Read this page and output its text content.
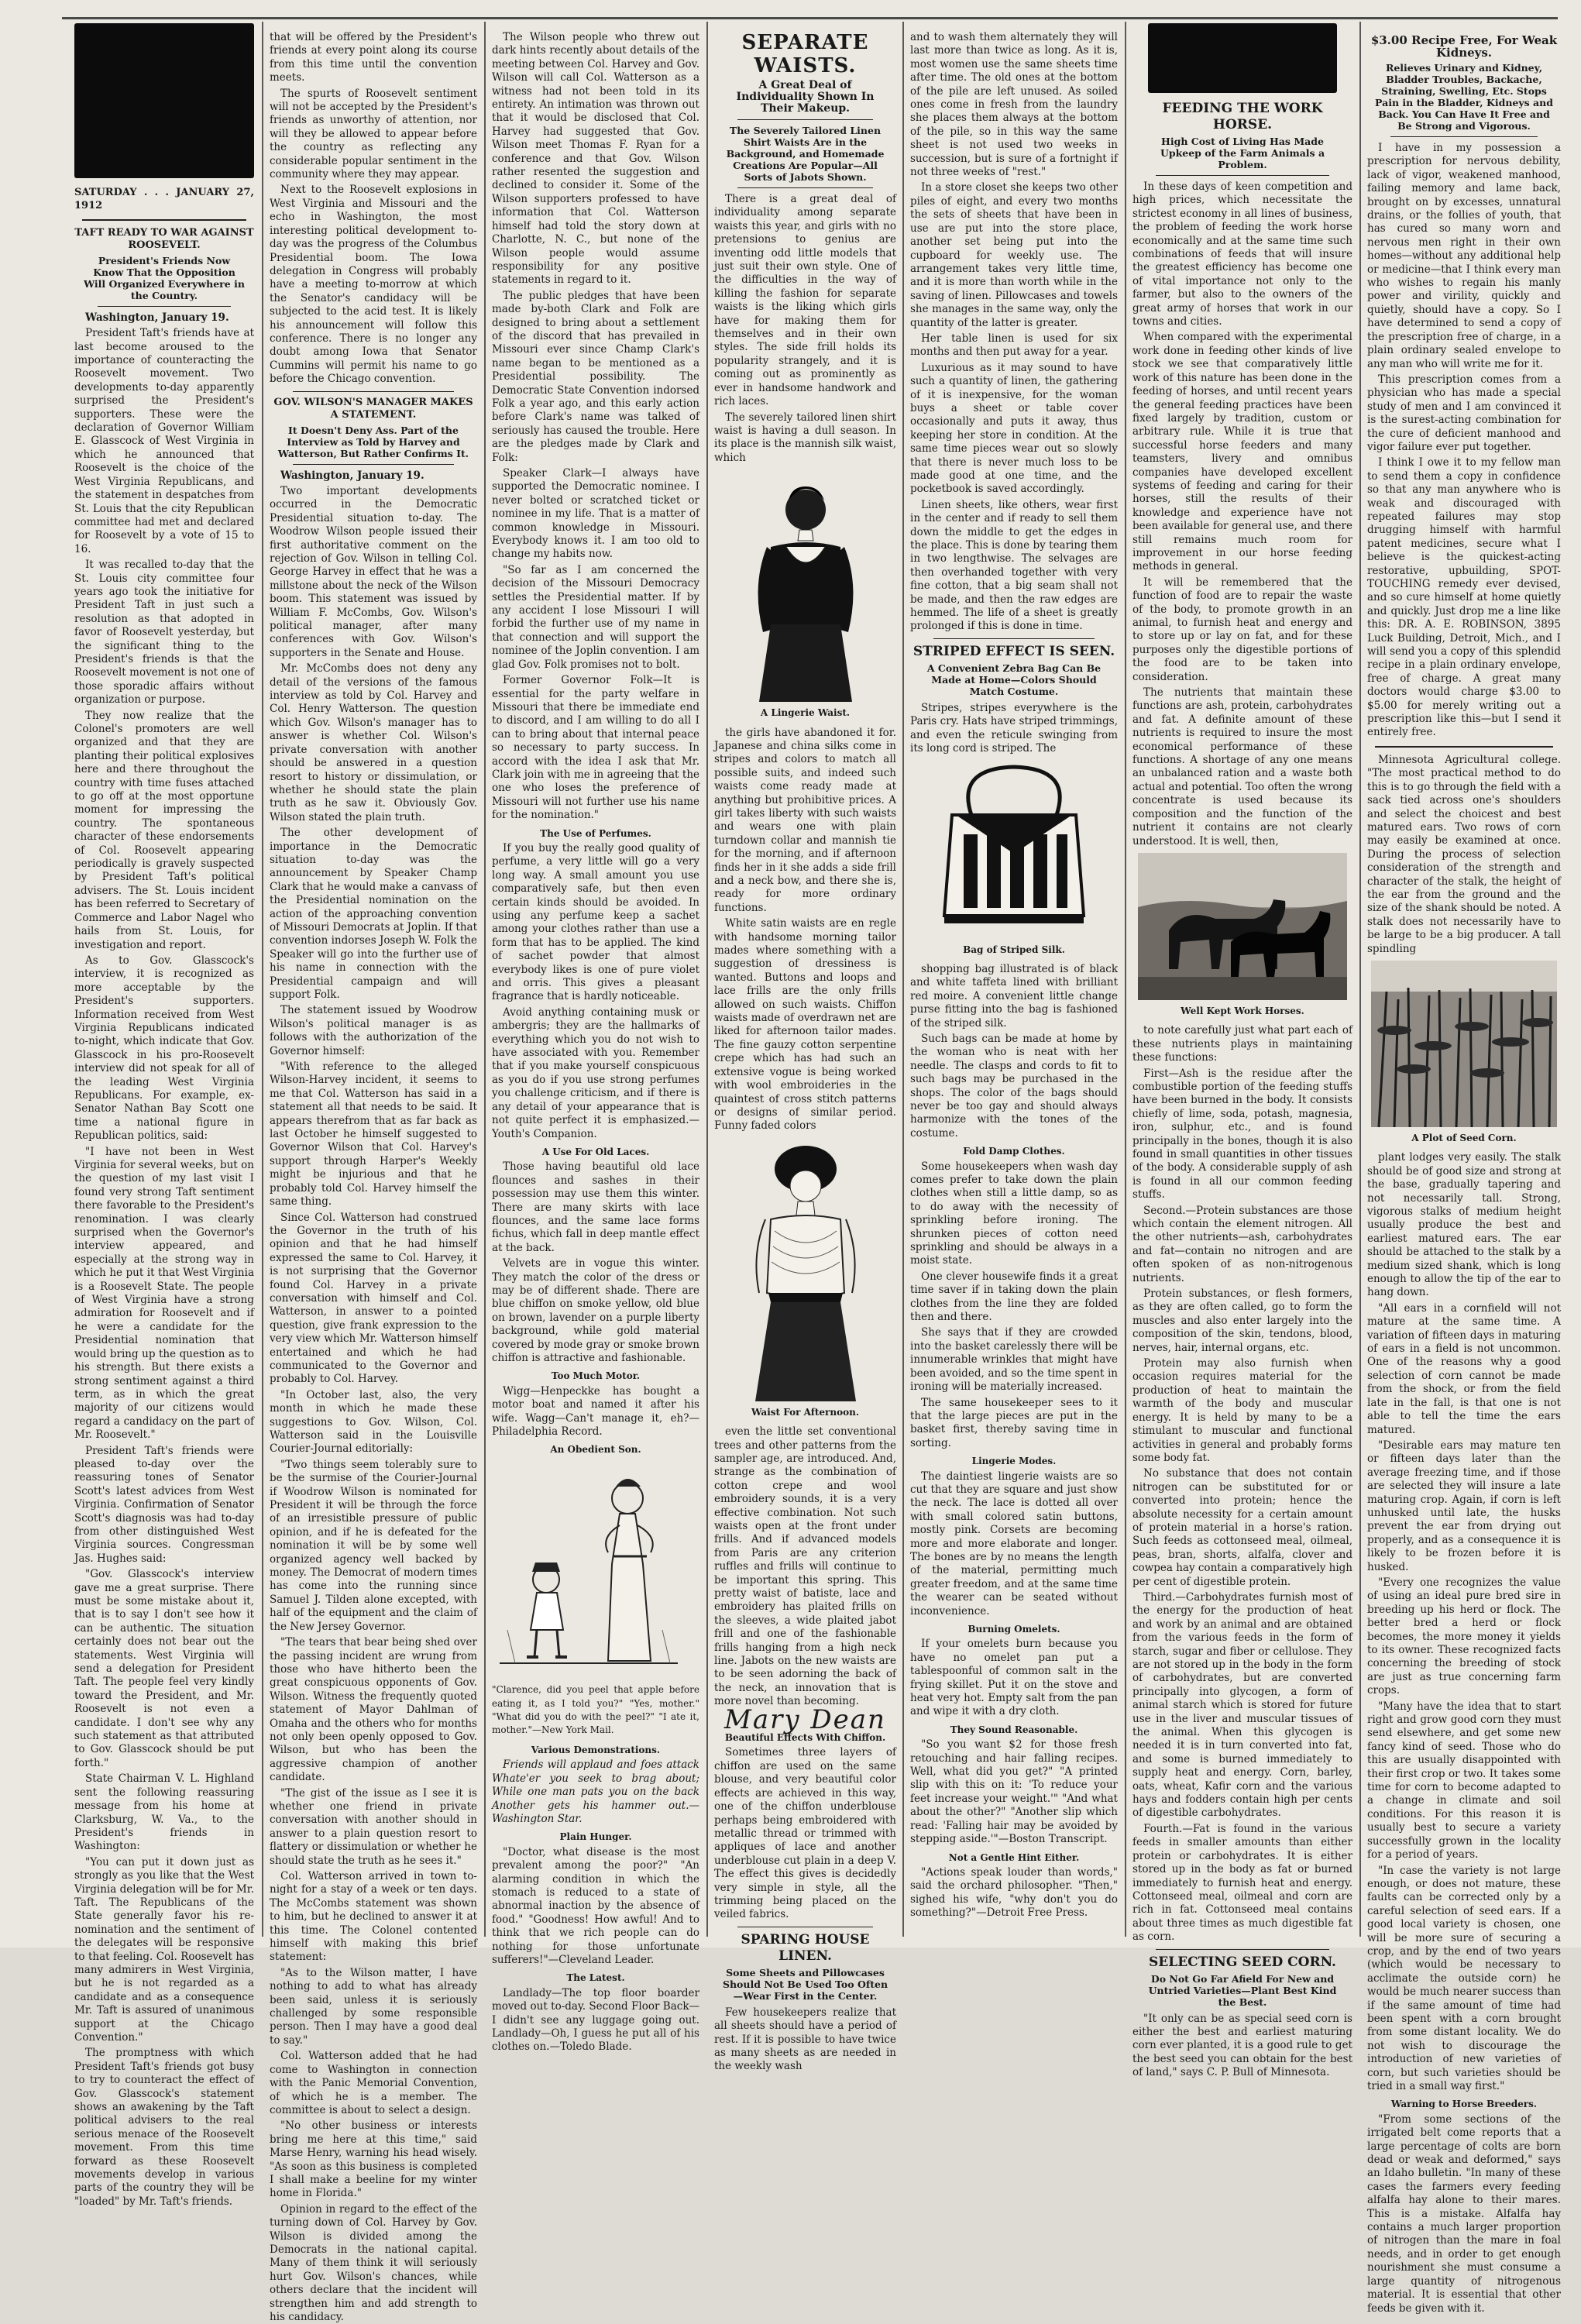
SATURDAY . . . JANUARY 27, 1912
TAFT READY TO WAR AGAINST ROOSEVELT.
President's Friends Now Know That the Opposition Will Organized Everywhere in the Country.

Washington, January 19.

President Taft's friends have at last become aroused to the importance of counteracting the Roosevelt movement. Two developments to-day apparently surprised the President's supporters. These were the declaration of Governor William E. Glasscock of West Virginia in which he announced that Roosevelt is the choice of the West Virginia Republicans, and the statement in despatches from St. Louis that the city Republican committee had met and declared for Roosevelt by a vote of 15 to 16.

It was recalled to-day that the St. Louis city committee four years ago took the initiative for President Taft in just such a resolution as that adopted in favor of Roosevelt yesterday, but the significant thing to the President's friends is that the Roosevelt movement is not one of those sporadic affairs without organization or purpose.

They now realize that the Colonel's promoters are well organized and that they are planting their political explosives here and there throughout the country with time fuses attached to go off at the most opportune moment for impressing the country. The spontaneous character of these endorsements of Col. Roosevelt appearing periodically is gravely suspected by President Taft's political advisers. The St. Louis incident has been referred to Secretary of Commerce and Labor Nagel who hails from St. Louis, for investigation and report.

As to Gov. Glasscock's interview, it is recognized as more acceptable by the President's supporters. Information received from West Virginia Republicans indicated to-night, which indicate that Gov. Glasscock in his pro-Roosevelt interview did not speak for all of the leading West Virginia Republicans. For example, ex-Senator Nathan Bay Scott one time a national figure in Republican politics, said:

"I have not been in West Virginia for several weeks, but on the question of my last visit I found very strong Taft sentiment there favorable to the President's renomination. I was clearly surprised when the Governor's interview appeared, and especially at the strong way in which he put it that West Virginia is a Roosevelt State. The people of West Virginia have a strong admiration for Roosevelt and if he were a candidate for the Presidential nomination that would bring up the question as to his strength. But there exists a strong sentiment against a third term, as in which the great majority of our citizens would regard a candidacy on the part of Mr. Roosevelt."

President Taft's friends were pleased to-day over the reassuring tones of Senator Scott's latest advices from West Virginia. Confirmation of Senator Scott's diagnosis was had to-day from other distinguished West Virginia sources. Congressman Jas. Hughes said:

"Gov. Glasscock's interview gave me a great surprise. There must be some mistake about it, that is to say I don't see how it can be authentic. The situation certainly does not bear out the statements. West Virginia will send a delegation for President Taft. The people feel very kindly toward the President, and Mr. Roosevelt is not even a candidate. I don't see why any such statement as that attributed to Gov. Glasscock should be put forth."

State Chairman V. L. Highland sent the following reassuring message from his home at Clarksburg, W. Va., to the President's friends in Washington:

"You can put it down just as strongly as you like that the West Virginia delegation will be for Mr. Taft. The Republicans of the State generally favor his re-nomination and the sentiment of the delegates will be responsive to that feeling. Col. Roosevelt has many admirers in West Virginia, but he is not regarded as a candidate and as a consequence Mr. Taft is assured of unanimous support at the Chicago Convention."

The promptness with which President Taft's friends got busy to try to counteract the effect of Gov. Glasscock's statement shows an awakening by the Taft political advisers to the real serious menace of the Roosevelt movement. From this time forward as these Roosevelt movements develop in various parts of the country they will be "loaded" by Mr. Taft's friends.

that will be offered by the President's friends at every point along its course from this time until the convention meets.

The spurts of Roosevelt sentiment will not be accepted by the President's friends as unworthy of attention, nor will they be allowed to appear before the country as reflecting any considerable popular sentiment in the community where they may appear.

Next to the Roosevelt explosions in West Virginia and Missouri and the echo in Washington, the most interesting political development to-day was the progress of the Columbus Presidential boom. The Iowa delegation in Congress will probably have a meeting to-morrow at which the Senator's candidacy will be subjected to the acid test. It is likely his announcement will follow this conference. There is no longer any doubt among Iowa that Senator Cummins will permit his name to go before the Chicago convention.

GOV. WILSON'S MANAGER MAKES A STATEMENT.
It Doesn't Deny Ass. Part of the Interview as Told by Harvey and Watterson, But Rather Confirms It.

Washington, January 19.

Two important developments occurred in the Democratic Presidential situation to-day. The Woodrow Wilson people issued their first authoritative comment on the rejection of Gov. Wilson in telling Col. George Harvey in effect that he was a millstone about the neck of the Wilson boom. This statement was issued by William F. McCombs, Gov. Wilson's political manager, after many conferences with Gov. Wilson's supporters in the Senate and House.

Mr. McCombs does not deny any detail of the versions of the famous interview as told by Col. Harvey and Col. Henry Watterson. The question which Gov. Wilson's manager has to answer is whether Col. Wilson's private conversation with another should be answered in a question resort to history or dissimulation, or whether he should state the plain truth as he saw it. Obviously Gov. Wilson stated the plain truth.

The other development of importance in the Democratic situation to-day was the announcement by Speaker Champ Clark that he would make a canvass of the Presidential nomination on the action of the approaching convention of Missouri Democrats at Joplin. If that convention indorses Joseph W. Folk the Speaker will go into the further use of his name in connection with the Presidential campaign and will support Folk.

The statement issued by Woodrow Wilson's political manager is as follows with the authorization of the Governor himself:

"With reference to the alleged Wilson-Harvey incident, it seems to me that Col. Watterson has said in a statement all that needs to be said. It appears therefrom that as far back as last October he himself suggested to Governor Wilson that Col. Harvey's support through Harper's Weekly might be injurious and that he probably told Col. Harvey himself the same thing.

Since Col. Watterson had construed the Governor in the truth of his opinion and that he had himself expressed the same to Col. Harvey, it is not surprising that the Governor found Col. Harvey in a private conversation with himself and Col. Watterson, in answer to a pointed question, give frank expression to the very view which Mr. Watterson himself entertained and which he had communicated to the Governor and probably to Col. Harvey.

"In October last, also, the very month in which he made these suggestions to Gov. Wilson, Col. Watterson said in the Louisville Courier-Journal editorially:

"Two things seem tolerably sure to be the surmise of the Courier-Journal if Woodrow Wilson is nominated for President it will be through the force of an irresistible pressure of public opinion, and if he is defeated for the nomination it will be by some well organized agency well backed by money. The Democrat of modern times has come into the running since Samuel J. Tilden alone excepted, with half of the equipment and the claim of the New Jersey Governor.

"The tears that bear being shed over the passing incident are wrung from those who have hitherto been the great conspicuous opponents of Gov. Wilson. Witness the frequently quoted statement of Mayor Dahlman of Omaha and the others who for months not only been openly opposed to Gov. Wilson, but who has been the aggressive champion of another candidate.

"The gist of the issue as I see it is whether one friend in private conversation with another should in answer to a plain question resort to flattery or dissimulation or whether he should state the truth as he sees it."

Col. Watterson arrived in town to-night for a stay of a week or ten days. The McCombs statement was shown to him, but he declined to answer it at this time. The Colonel contented himself with making this brief statement:

"As to the Wilson matter, I have nothing to add to what has already been said, unless it is seriously challenged by some responsible person. Then I may have a good deal to say."

Col. Watterson added that he had come to Washington in connection with the Panic Memorial Convention, of which he is a member. The committee is about to select a design.

"No other business or interests bring me here at this time," said Marse Henry, warning his head wisely. "As soon as this business is completed I shall make a beeline for my winter home in Florida."

Opinion in regard to the effect of the turning down of Col. Harvey by Gov. Wilson is divided among the Democrats in the national capital. Many of them think it will seriously hurt Gov. Wilson's chances, while others declare that the incident will strengthen him and add strength to his candidacy.

The Wilson people who threw out dark hints recently about details of the meeting between Col. Harvey and Gov. Wilson will call Col. Watterson as a witness had not been told in its entirety. An intimation was thrown out that it would be disclosed that Col. Harvey had suggested that Gov. Wilson meet Thomas F. Ryan for a conference and that Gov. Wilson rather resented the suggestion and declined to consider it. Some of the Wilson supporters professed to have information that Col. Watterson himself had told the story down at Charlotte, N. C., but none of the Wilson people would assume responsibility for any positive statements in regard to it.

The public pledges that have been made by-both Clark and Folk are designed to bring about a settlement of the discord that has prevailed in Missouri ever since Champ Clark's name began to be mentioned as a Presidential possibility. The Democratic State Convention indorsed Folk a year ago, and this early action before Clark's name was talked of seriously has caused the trouble. Here are the pledges made by Clark and Folk:

Speaker Clark—I always have supported the Democratic nominee. I never bolted or scratched ticket or nominee in my life. That is a matter of common knowledge in Missouri. Everybody knows it. I am too old to change my habits now.

"So far as I am concerned the decision of the Missouri Democracy settles the Presidential matter. If by any accident I lose Missouri I will forbid the further use of my name in that connection and will support the nominee of the Joplin convention. I am glad Gov. Folk promises not to bolt.

Former Governor Folk—It is essential for the party welfare in Missouri that there be immediate end to discord, and I am willing to do all I can to bring about that internal peace so necessary to party success. In accord with the idea I ask that Mr. Clark join with me in agreeing that the one who loses the preference of Missouri will not further use his name for the nomination."

The Use of Perfumes.

If you buy the really good quality of perfume, a very little will go a very long way. A small amount you use comparatively safe, but then even certain kinds should be avoided. In using any perfume keep a sachet among your clothes rather than use a form that has to be applied. The kind of sachet powder that almost everybody likes is one of pure violet and orris. This gives a pleasant fragrance that is hardly noticeable.

Avoid anything containing musk or ambergris; they are the hallmarks of everything which you do not wish to have associated with you. Remember that if you make yourself conspicuous as you do if you use strong perfumes you challenge criticism, and if there is any detail of your appearance that is not quite perfect it is emphasized.—Youth's Companion.

A Use For Old Laces.

Those having beautiful old lace flounces and sashes in their possession may use them this winter. There are many skirts with lace flounces, and the same lace forms fichus, which fall in deep mantle effect at the back.

Velvets are in vogue this winter. They match the color of the dress or may be of different shade. There are blue chiffon on smoke yellow, old blue on brown, lavender on a purple liberty background, while gold material covered by mode gray or smoke brown chiffon is attractive and fashionable.

Too Much Motor.

Wigg—Henpeckke has bought a motor boat and named it after his wife. Wagg—Can't manage it, eh?—Philadelphia Record.

An Obedient Son.
"Clarence, did you peel that apple before eating it, as I told you?" "Yes, mother." "What did you do with the peel?" "I ate it, mother."—New York Mail.
Various Demonstrations.

Friends will applaud and foes attack Whate'er you seek to brag about; While one man pats you on the back Another gets his hammer out.—Washington Star.

Plain Hunger.

"Doctor, what disease is the most prevalent among the poor?" "An alarming condition in which the stomach is reduced to a state of abnormal inaction by the absence of food." "Goodness! How awful! And to think that we rich people can do nothing for those unfortunate sufferers!"—Cleveland Leader.

The Latest.

Landlady—The top floor boarder moved out to-day. Second Floor Back—I didn't see any luggage going out. Landlady—Oh, I guess he put all of his clothes on.—Toledo Blade.

SEPARATE WAISTS.
A Great Deal of Individuality Shown In Their Makeup.
The Severely Tailored Linen Shirt Waists Are in the Background, and Homemade Creations Are Popular—All Sorts of Jabots Shown.

There is a great deal of individuality among separate waists this year, and girls with no pretensions to genius are inventing odd little models that just suit their own style. One of the difficulties in the way of killing the fashion for separate waists is the liking which girls have for making them for themselves and in their own styles. The side frill holds its popularity strangely, and it is coming out as prominently as ever in handsome handwork and rich laces.

The severely tailored linen shirt waist is having a dull season. In its place is the mannish silk waist, which

A Lingerie Waist.

the girls have abandoned it for. Japanese and china silks come in stripes and colors to match all possible suits, and indeed such waists come ready made at anything but prohibitive prices. A girl takes liberty with such waists and wears one with plain turndown collar and mannish tie for the morning, and if afternoon finds her in it she adds a side frill and a neck bow, and there she is, ready for more ordinary functions.

White satin waists are en regle with handsome morning tailor mades where something with a suggestion of dressiness is wanted. Buttons and loops and lace frills are the only frills allowed on such waists. Chiffon waists made of overdrawn net are liked for afternoon tailor mades. The fine gauzy cotton serpentine crepe which has had such an extensive vogue is being worked with wool embroideries in the quaintest of cross stitch patterns or designs of similar period. Funny faded colors

Waist For Afternoon.

even the little set conventional trees and other patterns from the sampler age, are introduced. And, strange as the combination of cotton crepe and wool embroidery sounds, it is a very effective combination. Not such waists open at the front under frills. And if advanced models from Paris are any criterion ruffles and frills will continue to be important this spring. This pretty waist of batiste, lace and embroidery has plaited frills on the sleeves, a wide plaited jabot frill and one of the fashionable frills hanging from a high neck line. Jabots on the new waists are to be seen adorning the back of the neck, an innovation that is more novel than becoming.

Mary Dean
Beautiful Effects With Chiffon.

Sometimes three layers of chiffon are used on the same blouse, and very beautiful color effects are achieved in this way, one of the chiffon underblouse perhaps being embroidered with metallic thread or trimmed with appliques of lace and another underblouse cut plain in a deep V. The effect this gives is decidedly very simple in style, all the trimming being placed on the veiled fabrics.

SPARING HOUSE LINEN.
Some Sheets and Pillowcases Should Not Be Used Too Often—Wear First in the Center.

Few housekeepers realize that all sheets should have a period of rest. If it is possible to have twice as many sheets as are needed in the weekly wash

and to wash them alternately they will last more than twice as long. As it is, most women use the same sheets time after time. The old ones at the bottom of the pile are left unused. As soiled ones come in fresh from the laundry she places them always at the bottom of the pile, so in this way the same sheet is not used two weeks in succession, but is sure of a fortnight if not three weeks of "rest."

In a store closet she keeps two other piles of eight, and every two months the sets of sheets that have been in use are put into the store place, another set being put into the cupboard for weekly use. The arrangement takes very little time, and it is more than worth while in the saving of linen. Pillowcases and towels she manages in the same way, only the quantity of the latter is greater.

Her table linen is used for six months and then put away for a year.

Luxurious as it may sound to have such a quantity of linen, the gathering of it is inexpensive, for the woman buys a sheet or table cover occasionally and puts it away, thus keeping her store in condition. At the same time pieces wear out so slowly that there is never much loss to be made good at one time, and the pocketbook is saved accordingly.

Linen sheets, like others, wear first in the center and if ready to sell them down the middle to get the edges in the place. This is done by tearing them in two lengthwise. The selvages are then overhanded together with very fine cotton, that a big seam shall not be made, and then the raw edges are hemmed. The life of a sheet is greatly prolonged if this is done in time.

STRIPED EFFECT IS SEEN.
A Convenient Zebra Bag Can Be Made at Home—Colors Should Match Costume.

Stripes, stripes everywhere is the Paris cry. Hats have striped trimmings, and even the reticule swinging from its long cord is striped. The

Bag of Striped Silk.

shopping bag illustrated is of black and white taffeta lined with brilliant red moire. A convenient little change purse fitting into the bag is fashioned of the striped silk.

Such bags can be made at home by the woman who is neat with her needle. The clasps and cords to fit to such bags may be purchased in the shops. The color of the bags should never be too gay and should always harmonize with the tones of the costume.

Fold Damp Clothes.

Some housekeepers when wash day comes prefer to take down the plain clothes when still a little damp, so as to do away with the necessity of sprinkling before ironing. The shrunken pieces of cotton need sprinkling and should be always in a moist state.

One clever housewife finds it a great time saver if in taking down the plain clothes from the line they are folded then and there.

She says that if they are crowded into the basket carelessly there will be innumerable wrinkles that might have been avoided, and so the time spent in ironing will be materially increased.

The same housekeeper sees to it that the large pieces are put in the basket first, thereby saving time in sorting.

Lingerie Modes.

The daintiest lingerie waists are so cut that they are square and just show the neck. The lace is dotted all over with small colored satin buttons, mostly pink. Corsets are becoming more and more elaborate and longer. The bones are by no means the length of the material, permitting much greater freedom, and at the same time the wearer can be seated without inconvenience.

Burning Omelets.

If your omelets burn because you have no omelet pan put a tablespoonful of common salt in the frying skillet. Put it on the stove and heat very hot. Empty salt from the pan and wipe it with a dry cloth.

They Sound Reasonable.

"So you want $2 for those fresh retouching and hair falling recipes. Well, what did you get?" "A printed slip with this on it: 'To reduce your feet increase your weight.'" "And what about the other?" "Another slip which read: 'Falling hair may be avoided by stepping aside.'"—Boston Transcript.

Not a Gentle Hint Either.

"Actions speak louder than words," said the orchard philosopher. "Then," sighed his wife, "why don't you do something?"—Detroit Free Press.

FEEDING THE WORK HORSE.
High Cost of Living Has Made Upkeep of the Farm Animals a Problem.

In these days of keen competition and high prices, which necessitate the strictest economy in all lines of business, the problem of feeding the work horse economically and at the same time such combinations of feeds that will insure the greatest efficiency has become one of vital importance not only to the farmer, but also to the owners of the great army of horses that work in our towns and cities.

When compared with the experimental work done in feeding other kinds of live stock we see that comparatively little work of this nature has been done in the feeding of horses, and until recent years the general feeding practices have been fixed largely by tradition, custom or arbitrary rule. While it is true that successful horse feeders and many teamsters, livery and omnibus companies have developed excellent systems of feeding and caring for their horses, still the results of their knowledge and experience have not been available for general use, and there still remains much room for improvement in our horse feeding methods in general.

It will be remembered that the function of food are to repair the waste of the body, to promote growth in an animal, to furnish heat and energy and to store up or lay on fat, and for these purposes only the digestible portions of the food are to be taken into consideration.

The nutrients that maintain these functions are ash, protein, carbohydrates and fat. A definite amount of these nutrients is required to insure the most economical performance of these functions. A shortage of any one means an unbalanced ration and a waste both actual and potential. Too often the wrong concentrate is used because its composition and the function of the nutrient it contains are not clearly understood. It is well, then,

Well Kept Work Horses.

to note carefully just what part each of these nutrients plays in maintaining these functions:

First—Ash is the residue after the combustible portion of the feeding stuffs have been burned in the body. It consists chiefly of lime, soda, potash, magnesia, iron, sulphur, etc., and is found principally in the bones, though it is also found in small quantities in other tissues of the body. A considerable supply of ash is found in all our common feeding stuffs.

Second.—Protein substances are those which contain the element nitrogen. All the other nutrients—ash, carbohydrates and fat—contain no nitrogen and are often spoken of as non-nitrogenous nutrients.

Protein substances, or flesh formers, as they are often called, go to form the muscles and also enter largely into the composition of the skin, tendons, blood, nerves, hair, internal organs, etc.

Protein may also furnish when occasion requires material for the production of heat to maintain the warmth of the body and muscular energy. It is held by many to be a stimulant to muscular and functional activities in general and probably forms some body fat.

No substance that does not contain nitrogen can be substituted for or converted into protein; hence the absolute necessity for a certain amount of protein material in a horse's ration. Such feeds as cottonseed meal, oilmeal, peas, bran, shorts, alfalfa, clover and cowpea hay contain a comparatively high per cent of digestible protein.

Third.—Carbohydrates furnish most of the energy for the production of heat and work by an animal and are obtained from the various feeds in the form of starch, sugar and fiber or cellulose. They are not stored up in the body in the form of carbohydrates, but are converted principally into glycogen, a form of animal starch which is stored for future use in the liver and muscular tissues of the animal. When this glycogen is needed it is in turn converted into fat, and some is burned immediately to supply heat and energy. Corn, barley, oats, wheat, Kafir corn and the various hays and fodders contain high per cents of digestible carbohydrates.

Fourth.—Fat is found in the various feeds in smaller amounts than either protein or carbohydrates. It is either stored up in the body as fat or burned immediately to furnish heat and energy. Cottonseed meal, oilmeal and corn are rich in fat. Cottonseed meal contains about three times as much digestible fat as corn.

SELECTING SEED CORN.
Do Not Go Far Afield For New and Untried Varieties—Plant Best Kind the Best.

"It only can be as special seed corn is either the best and earliest maturing corn ever planted, it is a good rule to get the best seed you can obtain for the best of land," says C. P. Bull of Minnesota.

$3.00 Recipe Free, For Weak Kidneys.
Relieves Urinary and Kidney, Bladder Troubles, Backache, Straining, Swelling, Etc. Stops Pain in the Bladder, Kidneys and Back. You Can Have It Free and Be Strong and Vigorous.

I have in my possession a prescription for nervous debility, lack of vigor, weakened manhood, failing memory and lame back, brought on by excesses, unnatural drains, or the follies of youth, that has cured so many worn and nervous men right in their own homes—without any additional help or medicine—that I think every man who wishes to regain his manly power and virility, quickly and quietly, should have a copy. So I have determined to send a copy of the prescription free of charge, in a plain ordinary sealed envelope to any man who will write me for it.

This prescription comes from a physician who has made a special study of men and I am convinced it is the surest-acting combination for the cure of deficient manhood and vigor failure ever put together.

I think I owe it to my fellow man to send them a copy in confidence so that any man anywhere who is weak and discouraged with repeated failures may stop drugging himself with harmful patent medicines, secure what I believe is the quickest-acting restorative, upbuilding, SPOT-TOUCHING remedy ever devised, and so cure himself at home quietly and quickly. Just drop me a line like this: DR. A. E. ROBINSON, 3895 Luck Building, Detroit, Mich., and I will send you a copy of this splendid recipe in a plain ordinary envelope, free of charge. A great many doctors would charge $3.00 to $5.00 for merely writing out a prescription like this—but I send it entirely free.

Minnesota Agricultural college. "The most practical method to do this is to go through the field with a sack tied across one's shoulders and select the choicest and best matured ears. Two rows of corn may easily be examined at once. During the process of selection consideration of the strength and character of the stalk, the height of the ear from the ground and the size of the shank should be noted. A stalk does not necessarily have to be large to be a big producer. A tall spindling

A Plot of Seed Corn.

plant lodges very easily. The stalk should be of good size and strong at the base, gradually tapering and not necessarily tall. Strong, vigorous stalks of medium height usually produce the best and earliest matured ears. The ear should be attached to the stalk by a medium sized shank, which is long enough to allow the tip of the ear to hang down.

"All ears in a cornfield will not mature at the same time. A variation of fifteen days in maturing of ears in a field is not uncommon. One of the reasons why a good selection of corn cannot be made from the shock, or from the field late in the fall, is that one is not able to tell the time the ears matured.

"Desirable ears may mature ten or fifteen days later than the average freezing time, and if those are selected they will insure a late maturing crop. Again, if corn is left unhusked until late, the husks prevent the ear from drying out properly, and as a consequence it is likely to be frozen before it is husked.

"Every one recognizes the value of using an ideal pure bred sire in breeding up his herd or flock. The better bred a herd or flock becomes, the more money it yields to its owner. These recognized facts concerning the breeding of stock are just as true concerning farm crops.

"Many have the idea that to start right and grow good corn they must send elsewhere, and get some new fancy kind of seed. Those who do this are usually disappointed with their first crop or two. It takes some time for corn to become adapted to a change in climate and soil conditions. For this reason it is usually best to secure a variety successfully grown in the locality for a period of years.

"In case the variety is not large enough, or does not mature, these faults can be corrected only by a careful selection of seed ears. If a good local variety is chosen, one will be more sure of securing a crop, and by the end of two years (which would be necessary to acclimate the outside corn) he would be much nearer success than if the same amount of time had been spent with a corn brought from some distant locality. We do not wish to discourage the introduction of new varieties of corn, but such varieties should be tried in a small way first."

Warning to Horse Breeders.

"From some sections of the irrigated belt come reports that a large percentage of colts are born dead or weak and deformed," says an Idaho bulletin. "In many of these cases the farmers every feeding alfalfa hay alone to their mares. This is a mistake. Alfalfa hay contains a much larger proportion of nitrogen than the mare in foal needs, and in order to get enough nourishment she must consume a large quantity of nitrogenous material. It is essential that other feeds be given with it.
